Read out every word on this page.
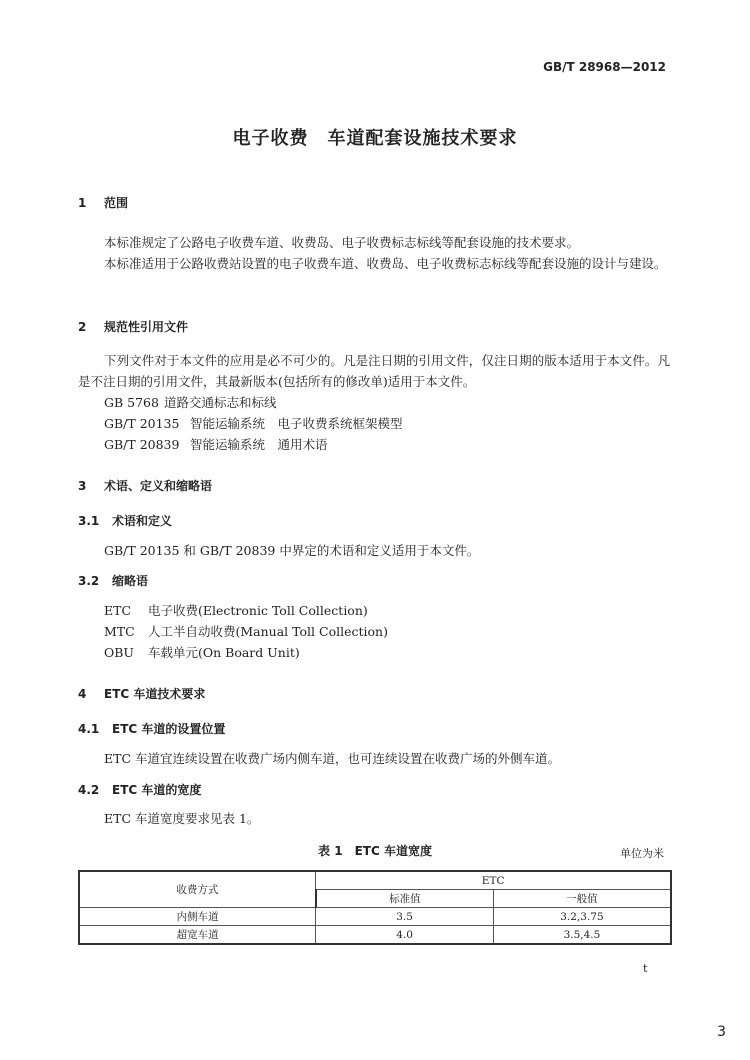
GB/T 28968—2012
电子收费　车道配套设施技术要求
1 范围
本标准规定了公路电子收费车道、收费岛、电子收费标志标线等配套设施的技术要求。
本标准适用于公路收费站设置的电子收费车道、收费岛、电子收费标志标线等配套设施的设计与建设。
2 规范性引用文件
下列文件对于本文件的应用是必不可少的。凡是注日期的引用文件，仅注日期的版本适用于本文件。凡是不注日期的引用文件，其最新版本(包括所有的修改单)适用于本文件。
GB 5768 道路交通标志和标线
GB/T 20135 智能运输系统　电子收费系统框架模型
GB/T 20839 智能运输系统　通用术语
3 术语、定义和缩略语
3.1 术语和定义
GB/T 20135 和 GB/T 20839 中界定的术语和定义适用于本文件。
3.2 缩略语
ETC 电子收费(Electronic Toll Collection)
MTC 人工半自动收费(Manual Toll Collection)
OBU 车载单元(On Board Unit)
4 ETC 车道技术要求
4.1 ETC 车道的设置位置
ETC 车道宜连续设置在收费广场内侧车道，也可连续设置在收费广场的外侧车道。
4.2 ETC 车道的宽度
ETC 车道宽度要求见表 1。
表 1　ETC 车道宽度	单位为米
收费方式	ETC	
	标准值	一般值
内侧车道	3.5	3.2,3.75
超宽车道	4.0	3.5,4.5
t
3
